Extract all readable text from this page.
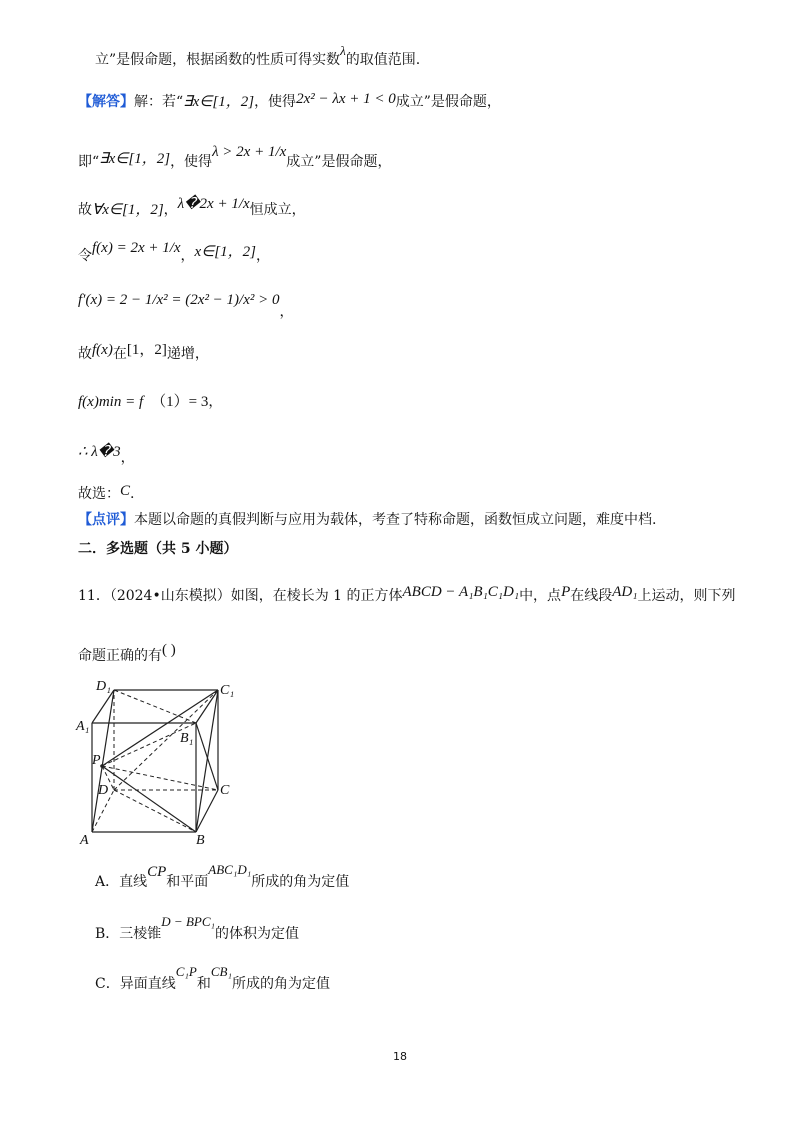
立”是假命题，根据函数的性质可得实数λ的取值范围.
【解答】解：若“∃x∈[1，2]，使得2x² − λx + 1 < 0成立”是假命题，
即“∃x∈[1，2]，使得λ > 2x + 1/x成立”是假命题，
故∀x∈[1，2]，λ�2x + 1/x恒成立，
令f(x) = 2x + 1/x，x∈[1，2]，
f′(x) = 2 − 1/x² = (2x² − 1)/x² > 0，
故f(x)在[1，2]递增，
f(x)min = f （1）= 3，
∴ λ�3，
故选：C.
【点评】本题以命题的真假判断与应用为载体，考查了特称命题，函数恒成立问题，难度中档.
二．多选题（共 5 小题）
11．（2024•山东模拟）如图，在棱长为 1 的正方体ABCD − A₁B₁C₁D₁中，点P在线段AD₁上运动，则下列
命题正确的有( )
D₁	C₁
A₁
B₁
P
D	C
A	B
A．直线CP和平面ABC₁D₁所成的角为定值
B．三棱锥D − BPC₁的体积为定值
C．异面直线C₁P和CB₁所成的角为定值
18
